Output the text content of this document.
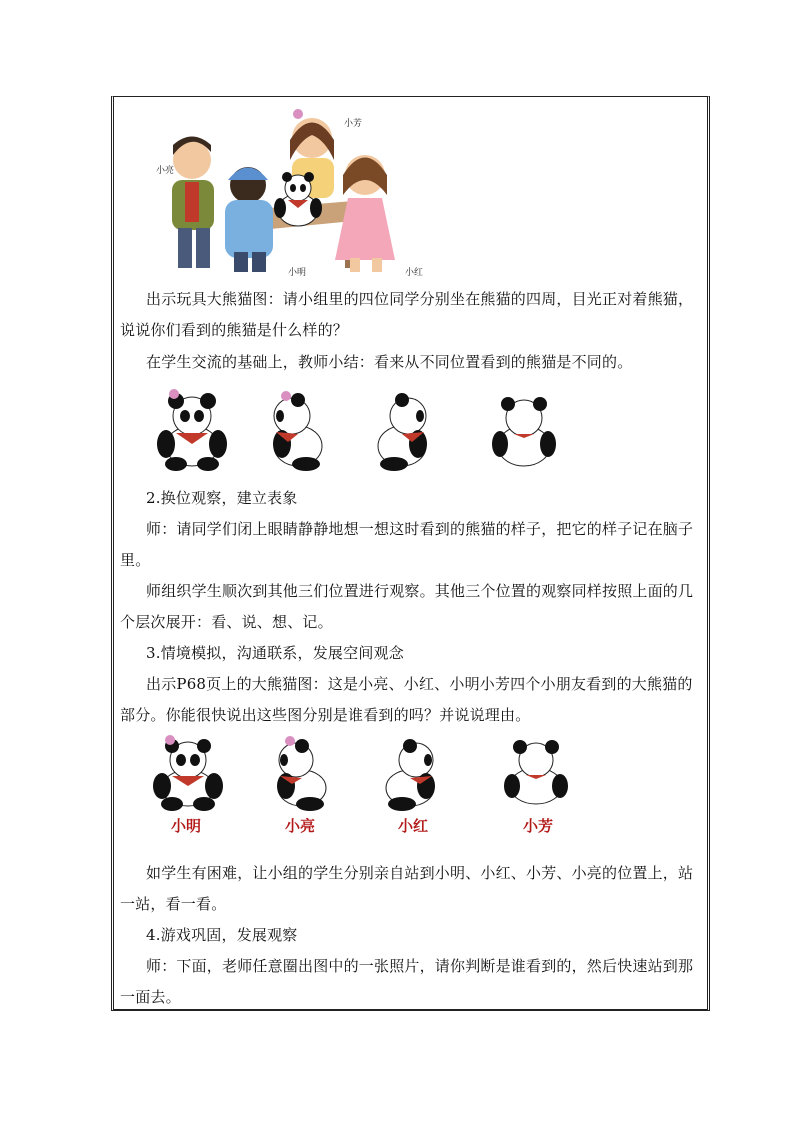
小芳
小亮
小明	小红
出示玩具大熊猫图：请小组里的四位同学分别坐在熊猫的四周，目光正对着熊猫，说说你们看到的熊猫是什么样的？
在学生交流的基础上，教师小结：看来从不同位置看到的熊猫是不同的。
2.换位观察，建立表象
师：请同学们闭上眼睛静静地想一想这时看到的熊猫的样子，把它的样子记在脑子里。
师组织学生顺次到其他三们位置进行观察。其他三个位置的观察同样按照上面的几个层次展开：看、说、想、记。
3.情境模拟，沟通联系，发展空间观念
出示P68页上的大熊猫图：这是小亮、小红、小明小芳四个小朋友看到的大熊猫的部分。你能很快说出这些图分别是谁看到的吗？并说说理由。
小明	小亮	小红	小芳
如学生有困难，让小组的学生分别亲自站到小明、小红、小芳、小亮的位置上，站一站，看一看。
4.游戏巩固，发展观察
师：下面，老师任意圈出图中的一张照片，请你判断是谁看到的，然后快速站到那一面去。
